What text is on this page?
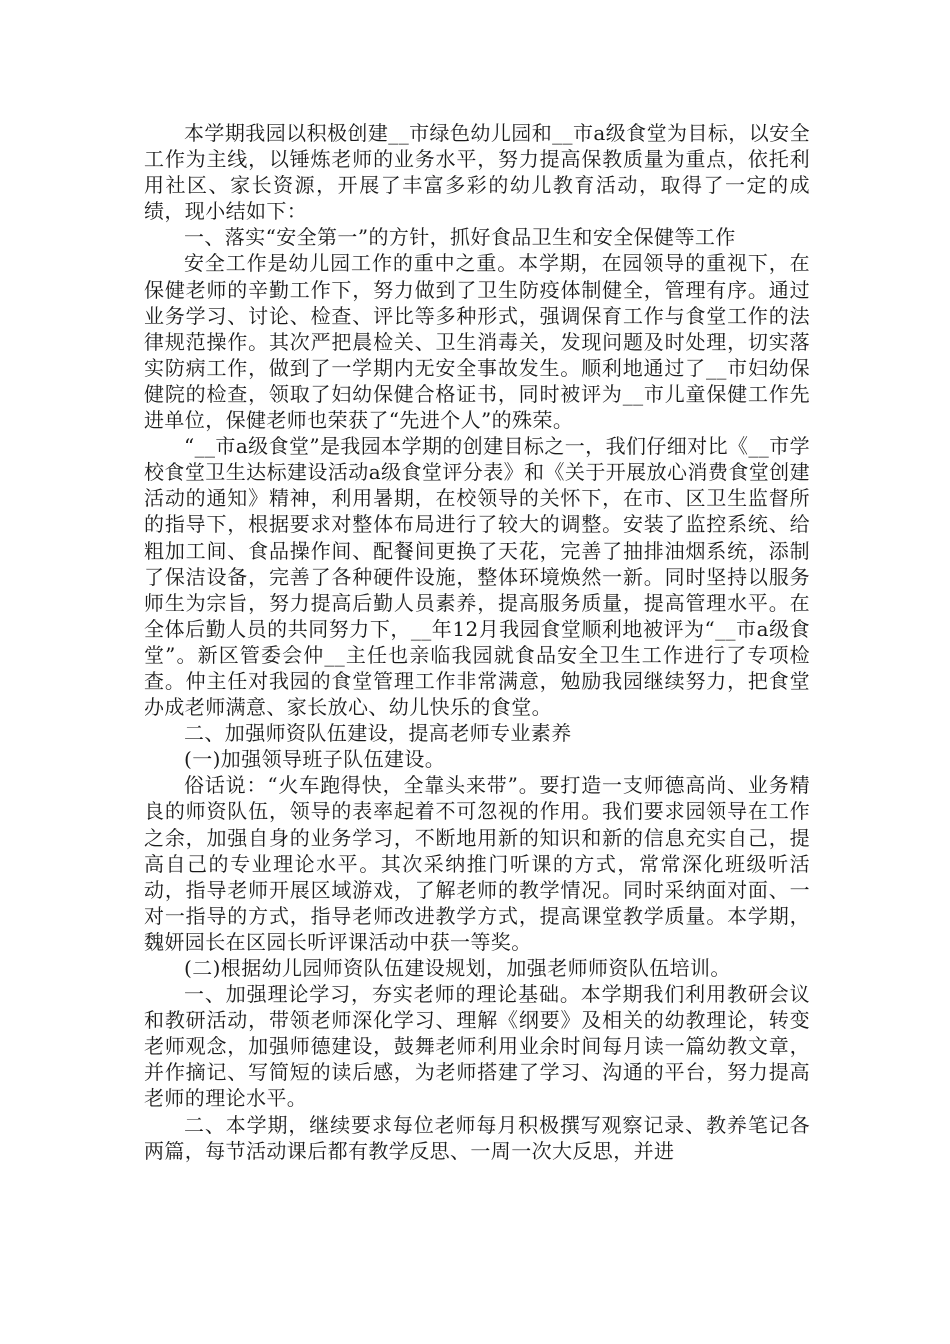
本学期我园以积极创建__市绿色幼儿园和__市a级食堂为目标，以安全工作为主线，以锤炼老师的业务水平，努力提高保教质量为重点，依托利用社区、家长资源，开展了丰富多彩的幼儿教育活动，取得了一定的成绩，现小结如下：

一、落实“安全第一”的方针，抓好食品卫生和安全保健等工作

安全工作是幼儿园工作的重中之重。本学期，在园领导的重视下，在保健老师的辛勤工作下，努力做到了卫生防疫体制健全，管理有序。通过业务学习、讨论、检查、评比等多种形式，强调保育工作与食堂工作的法律规范操作。其次严把晨检关、卫生消毒关，发现问题及时处理，切实落实防病工作，做到了一学期内无安全事故发生。顺利地通过了__市妇幼保健院的检查，领取了妇幼保健合格证书，同时被评为__市儿童保健工作先进单位，保健老师也荣获了“先进个人”的殊荣。

“__市a级食堂”是我园本学期的创建目标之一，我们仔细对比《__市学校食堂卫生达标建设活动a级食堂评分表》和《关于开展放心消费食堂创建活动的通知》精神，利用暑期，在校领导的关怀下，在市、区卫生监督所的指导下，根据要求对整体布局进行了较大的调整。安装了监控系统、给粗加工间、食品操作间、配餐间更换了天花，完善了抽排油烟系统，添制了保洁设备，完善了各种硬件设施，整体环境焕然一新。同时坚持以服务师生为宗旨，努力提高后勤人员素养，提高服务质量，提高管理水平。在全体后勤人员的共同努力下，__年12月我园食堂顺利地被评为“__市a级食堂”。新区管委会仲__主任也亲临我园就食品安全卫生工作进行了专项检查。仲主任对我园的食堂管理工作非常满意，勉励我园继续努力，把食堂办成老师满意、家长放心、幼儿快乐的食堂。

二、加强师资队伍建设，提高老师专业素养

(一)加强领导班子队伍建设。

俗话说：“火车跑得快，全靠头来带”。要打造一支师德高尚、业务精良的师资队伍，领导的表率起着不可忽视的作用。我们要求园领导在工作之余，加强自身的业务学习，不断地用新的知识和新的信息充实自己，提高自己的专业理论水平。其次采纳推门听课的方式，常常深化班级听活动，指导老师开展区域游戏，了解老师的教学情况。同时采纳面对面、一对一指导的方式，指导老师改进教学方式，提高课堂教学质量。本学期，魏妍园长在区园长听评课活动中获一等奖。

(二)根据幼儿园师资队伍建设规划，加强老师师资队伍培训。

一、加强理论学习，夯实老师的理论基础。本学期我们利用教研会议和教研活动，带领老师深化学习、理解《纲要》及相关的幼教理论，转变老师观念，加强师德建设，鼓舞老师利用业余时间每月读一篇幼教文章，并作摘记、写简短的读后感，为老师搭建了学习、沟通的平台，努力提高老师的理论水平。

二、本学期，继续要求每位老师每月积极撰写观察记录、教养笔记各两篇，每节活动课后都有教学反思、一周一次大反思，并进
